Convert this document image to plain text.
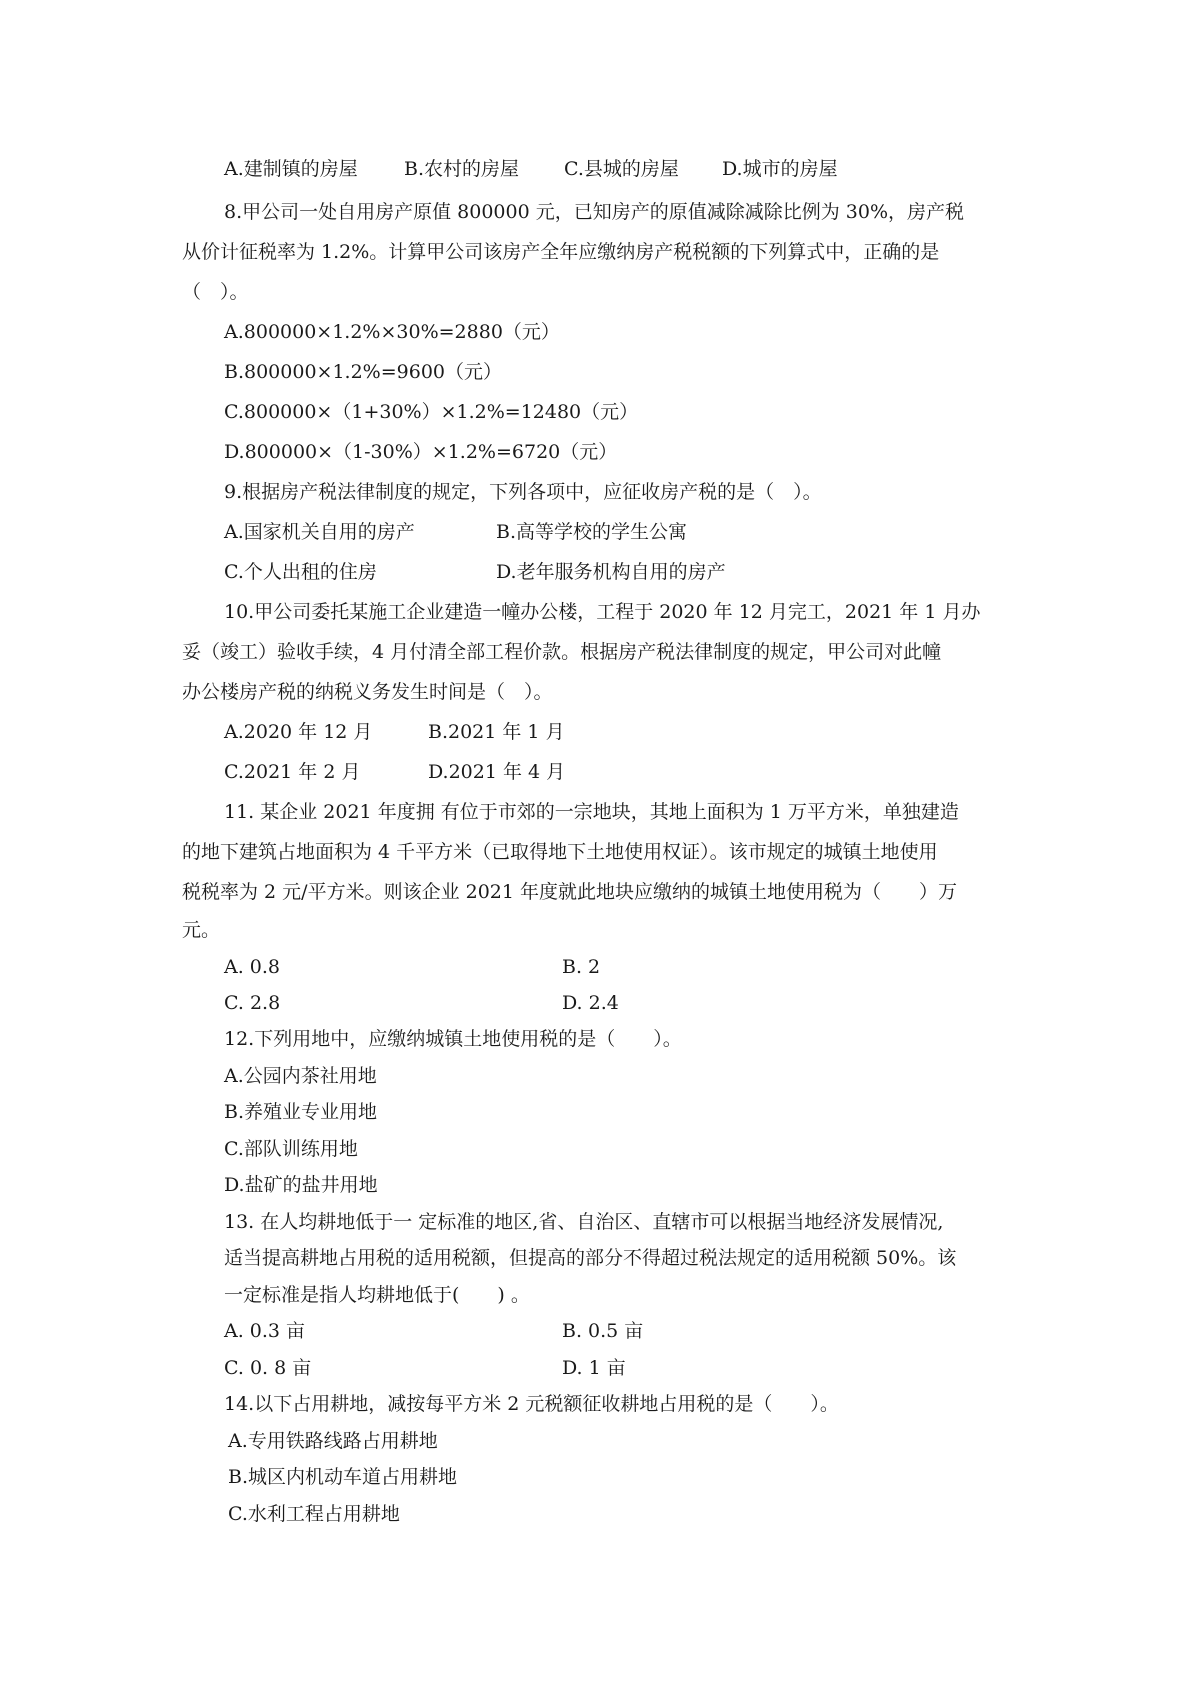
A.建制镇的房屋 B.农村的房屋 C.县城的房屋 D.城市的房屋
8.甲公司一处自用房产原值 800000 元，已知房产的原值减除减除比例为 30%，房产税
从价计征税率为 1.2%。计算甲公司该房产全年应缴纳房产税税额的下列算式中，正确的是
（　）。
A.800000×1.2%×30%=2880（元）
B.800000×1.2%=9600（元）
C.800000×（1+30%）×1.2%=12480（元）
D.800000×（1-30%）×1.2%=6720（元）
9.根据房产税法律制度的规定，下列各项中，应征收房产税的是（　）。
A.国家机关自用的房产	B.高等学校的学生公寓
C.个人出租的住房	D.老年服务机构自用的房产
10.甲公司委托某施工企业建造一幢办公楼，工程于 2020 年 12 月完工，2021 年 1 月办
妥（竣工）验收手续，4 月付清全部工程价款。根据房产税法律制度的规定，甲公司对此幢
办公楼房产税的纳税义务发生时间是（　）。
A.2020 年 12 月	B.2021 年 1 月
C.2021 年 2 月	D.2021 年 4 月
11. 某企业 2021 年度拥 有位于市郊的一宗地块，其地上面积为 1 万平方米，单独建造
的地下建筑占地面积为 4 千平方米（已取得地下土地使用权证）。该市规定的城镇土地使用
税税率为 2 元/平方米。则该企业 2021 年度就此地块应缴纳的城镇土地使用税为（　　）万
元。
A. 0.8	B. 2
C. 2.8	D. 2.4
12.下列用地中，应缴纳城镇土地使用税的是（　　）。
A.公园内茶社用地
B.养殖业专业用地
C.部队训练用地
D.盐矿的盐井用地
13. 在人均耕地低于一 定标准的地区,省、自治区、直辖市可以根据当地经济发展情况,
适当提高耕地占用税的适用税额，但提高的部分不得超过税法规定的适用税额 50%。该
一定标准是指人均耕地低于(　　) 。
A. 0.3 亩	B. 0.5 亩
C. 0. 8 亩	D. 1 亩
14.以下占用耕地，减按每平方米 2 元税额征收耕地占用税的是（　　）。
A.专用铁路线路占用耕地
B.城区内机动车道占用耕地
C.水利工程占用耕地
